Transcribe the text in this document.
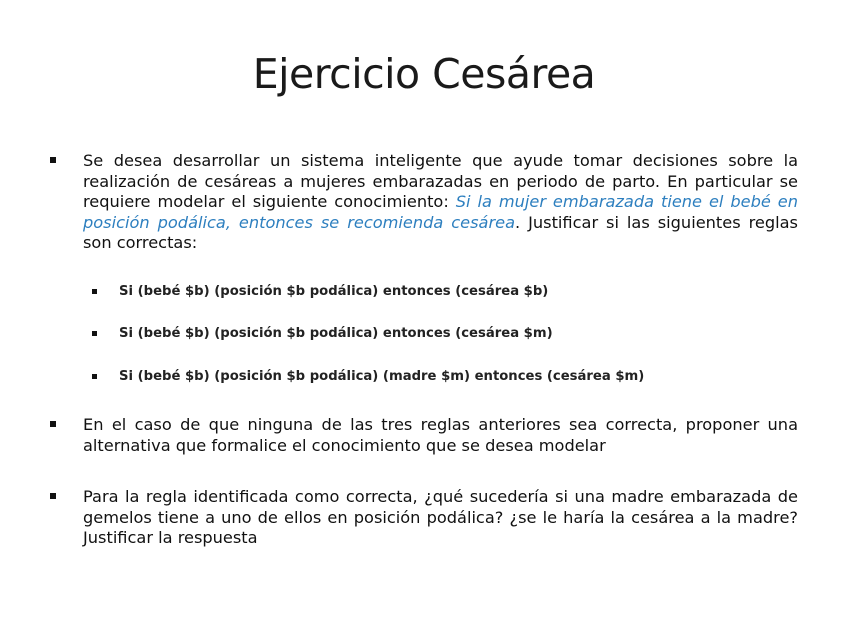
Ejercicio Cesárea
Se desea desarrollar un sistema inteligente que ayude tomar decisiones sobre la realización de cesáreas a mujeres embarazadas en periodo de parto. En particular se requiere modelar el siguiente conocimiento: Si la mujer embarazada tiene el bebé en posición podálica, entonces se recomienda cesárea. Justificar si las siguientes reglas son correctas:
Si (bebé $b) (posición $b podálica) entonces (cesárea $b)
Si (bebé $b) (posición $b podálica) entonces (cesárea $m)
Si (bebé $b) (posición $b podálica) (madre $m) entonces (cesárea $m)
En el caso de que ninguna de las tres reglas anteriores sea correcta, proponer una alternativa que formalice el conocimiento que se desea modelar
Para la regla identificada como correcta, ¿qué sucedería si una madre embarazada de gemelos tiene a uno de ellos en posición podálica? ¿se le haría la cesárea a la madre? Justificar la respuesta
